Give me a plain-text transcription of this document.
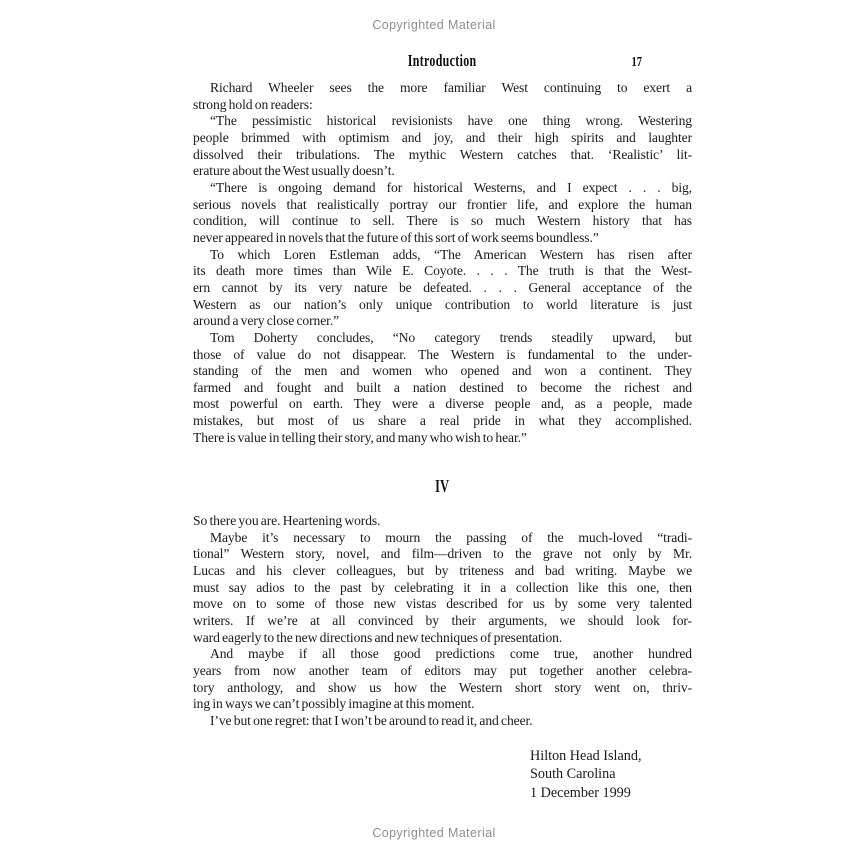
Copyrighted Material
Introduction	17
Richard Wheeler sees the more familiar West continuing to exert a
strong hold on readers:
“The pessimistic historical revisionists have one thing wrong. Westering
people brimmed with optimism and joy, and their high spirits and laughter
dissolved their tribulations. The mythic Western catches that. ‘Realistic’ lit-
erature about the West usually doesn’t.
“There is ongoing demand for historical Westerns, and I expect . . . big,
serious novels that realistically portray our frontier life, and explore the human
condition, will continue to sell. There is so much Western history that has
never appeared in novels that the future of this sort of work seems boundless.”
To which Loren Estleman adds, “The American Western has risen after
its death more times than Wile E. Coyote. . . . The truth is that the West-
ern cannot by its very nature be defeated. . . . General acceptance of the
Western as our nation’s only unique contribution to world literature is just
around a very close corner.”
Tom Doherty concludes, “No category trends steadily upward, but
those of value do not disappear. The Western is fundamental to the under-
standing of the men and women who opened and won a continent. They
farmed and fought and built a nation destined to become the richest and
most powerful on earth. They were a diverse people and, as a people, made
mistakes, but most of us share a real pride in what they accomplished.
There is value in telling their story, and many who wish to hear.”
IV
So there you are. Heartening words.
Maybe it’s necessary to mourn the passing of the much-loved “tradi-
tional” Western story, novel, and film—driven to the grave not only by Mr.
Lucas and his clever colleagues, but by triteness and bad writing. Maybe we
must say adios to the past by celebrating it in a collection like this one, then
move on to some of those new vistas described for us by some very talented
writers. If we’re at all convinced by their arguments, we should look for-
ward eagerly to the new directions and new techniques of presentation.
And maybe if all those good predictions come true, another hundred
years from now another team of editors may put together another celebra-
tory anthology, and show us how the Western short story went on, thriv-
ing in ways we can’t possibly imagine at this moment.
I’ve but one regret: that I won’t be around to read it, and cheer.
Hilton Head Island,
South Carolina
1 December 1999
Copyrighted Material
